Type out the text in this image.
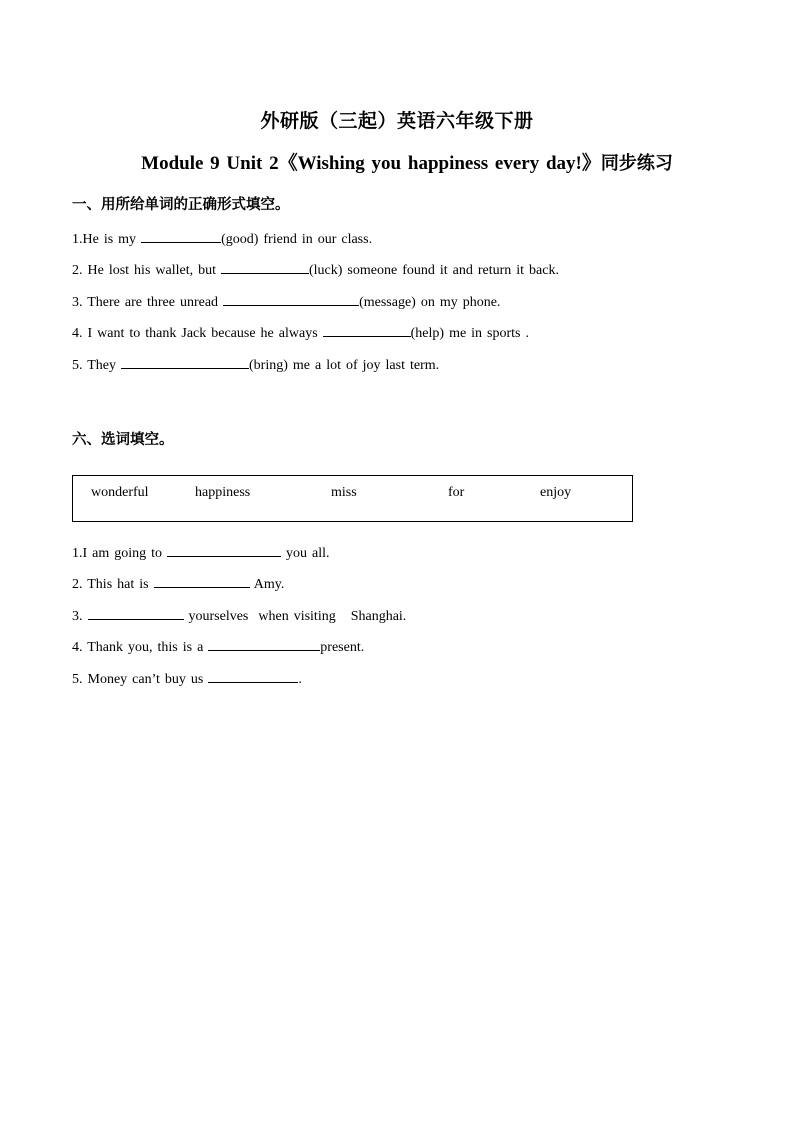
外研版（三起）英语六年级下册
Module 9 Unit 2《Wishing you happiness every day!》同步练习
一、用所给单词的正确形式填空。
1.He is my	(good) friend in our class.
2. He lost his wallet, but	(luck) someone found it and return it back.
3. There are three unread	(message) on my phone.
4. I want to thank Jack because he always	(help) me in sports .
5. They	(bring) me a lot of joy last term.
六、选词填空。
wonderful	happiness	miss	for	enjoy
1.I am going to	you all.
2. This hat is	Amy.
3.	yourselves  when visiting   Shanghai.
4. Thank you, this is a	present.
5. Money can’t buy us	.
